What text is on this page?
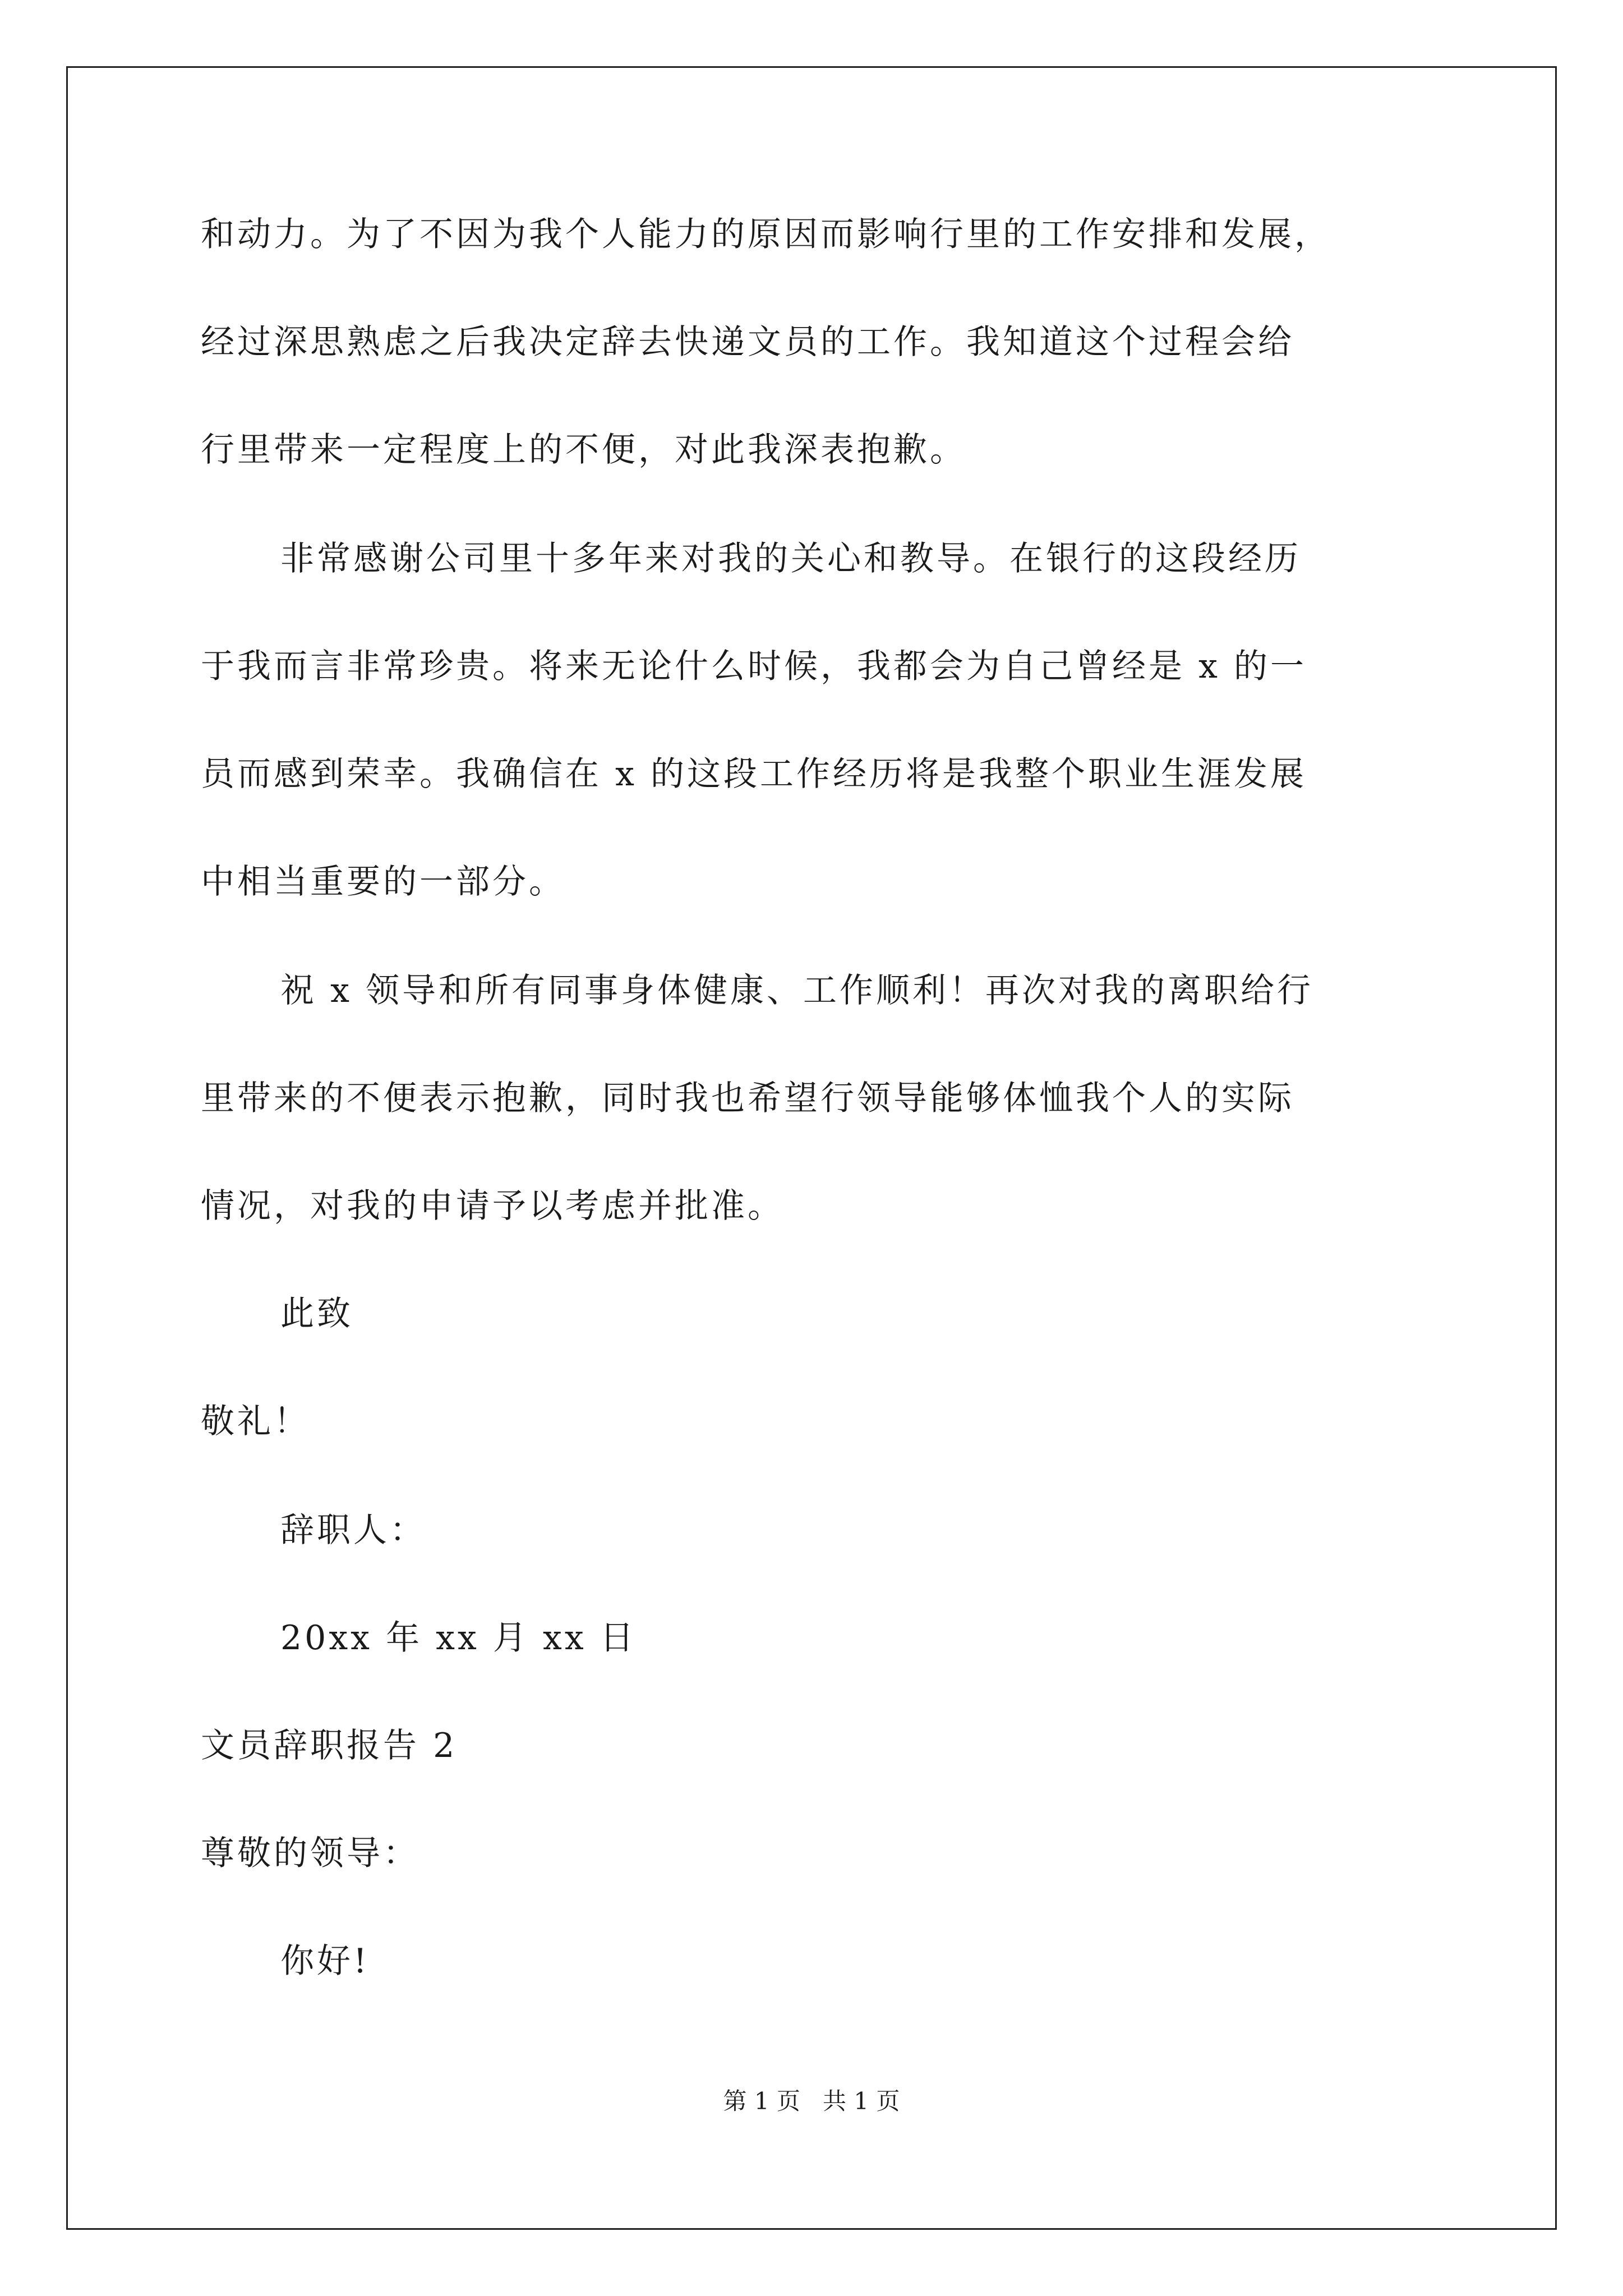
和动力。为了不因为我个人能力的原因而影响行里的工作安排和发展，
经过深思熟虑之后我决定辞去快递文员的工作。我知道这个过程会给
行里带来一定程度上的不便，对此我深表抱歉。
非常感谢公司里十多年来对我的关心和教导。在银行的这段经历
于我而言非常珍贵。将来无论什么时候，我都会为自己曾经是 x 的一
员而感到荣幸。我确信在 x 的这段工作经历将是我整个职业生涯发展
中相当重要的一部分。
祝 x 领导和所有同事身体健康、工作顺利！再次对我的离职给行
里带来的不便表示抱歉，同时我也希望行领导能够体恤我个人的实际
情况，对我的申请予以考虑并批准。
此致
敬礼！
辞职人：
20xx 年 xx 月 xx 日
文员辞职报告 2
尊敬的领导：
你好!
第 1 页   共 1 页
